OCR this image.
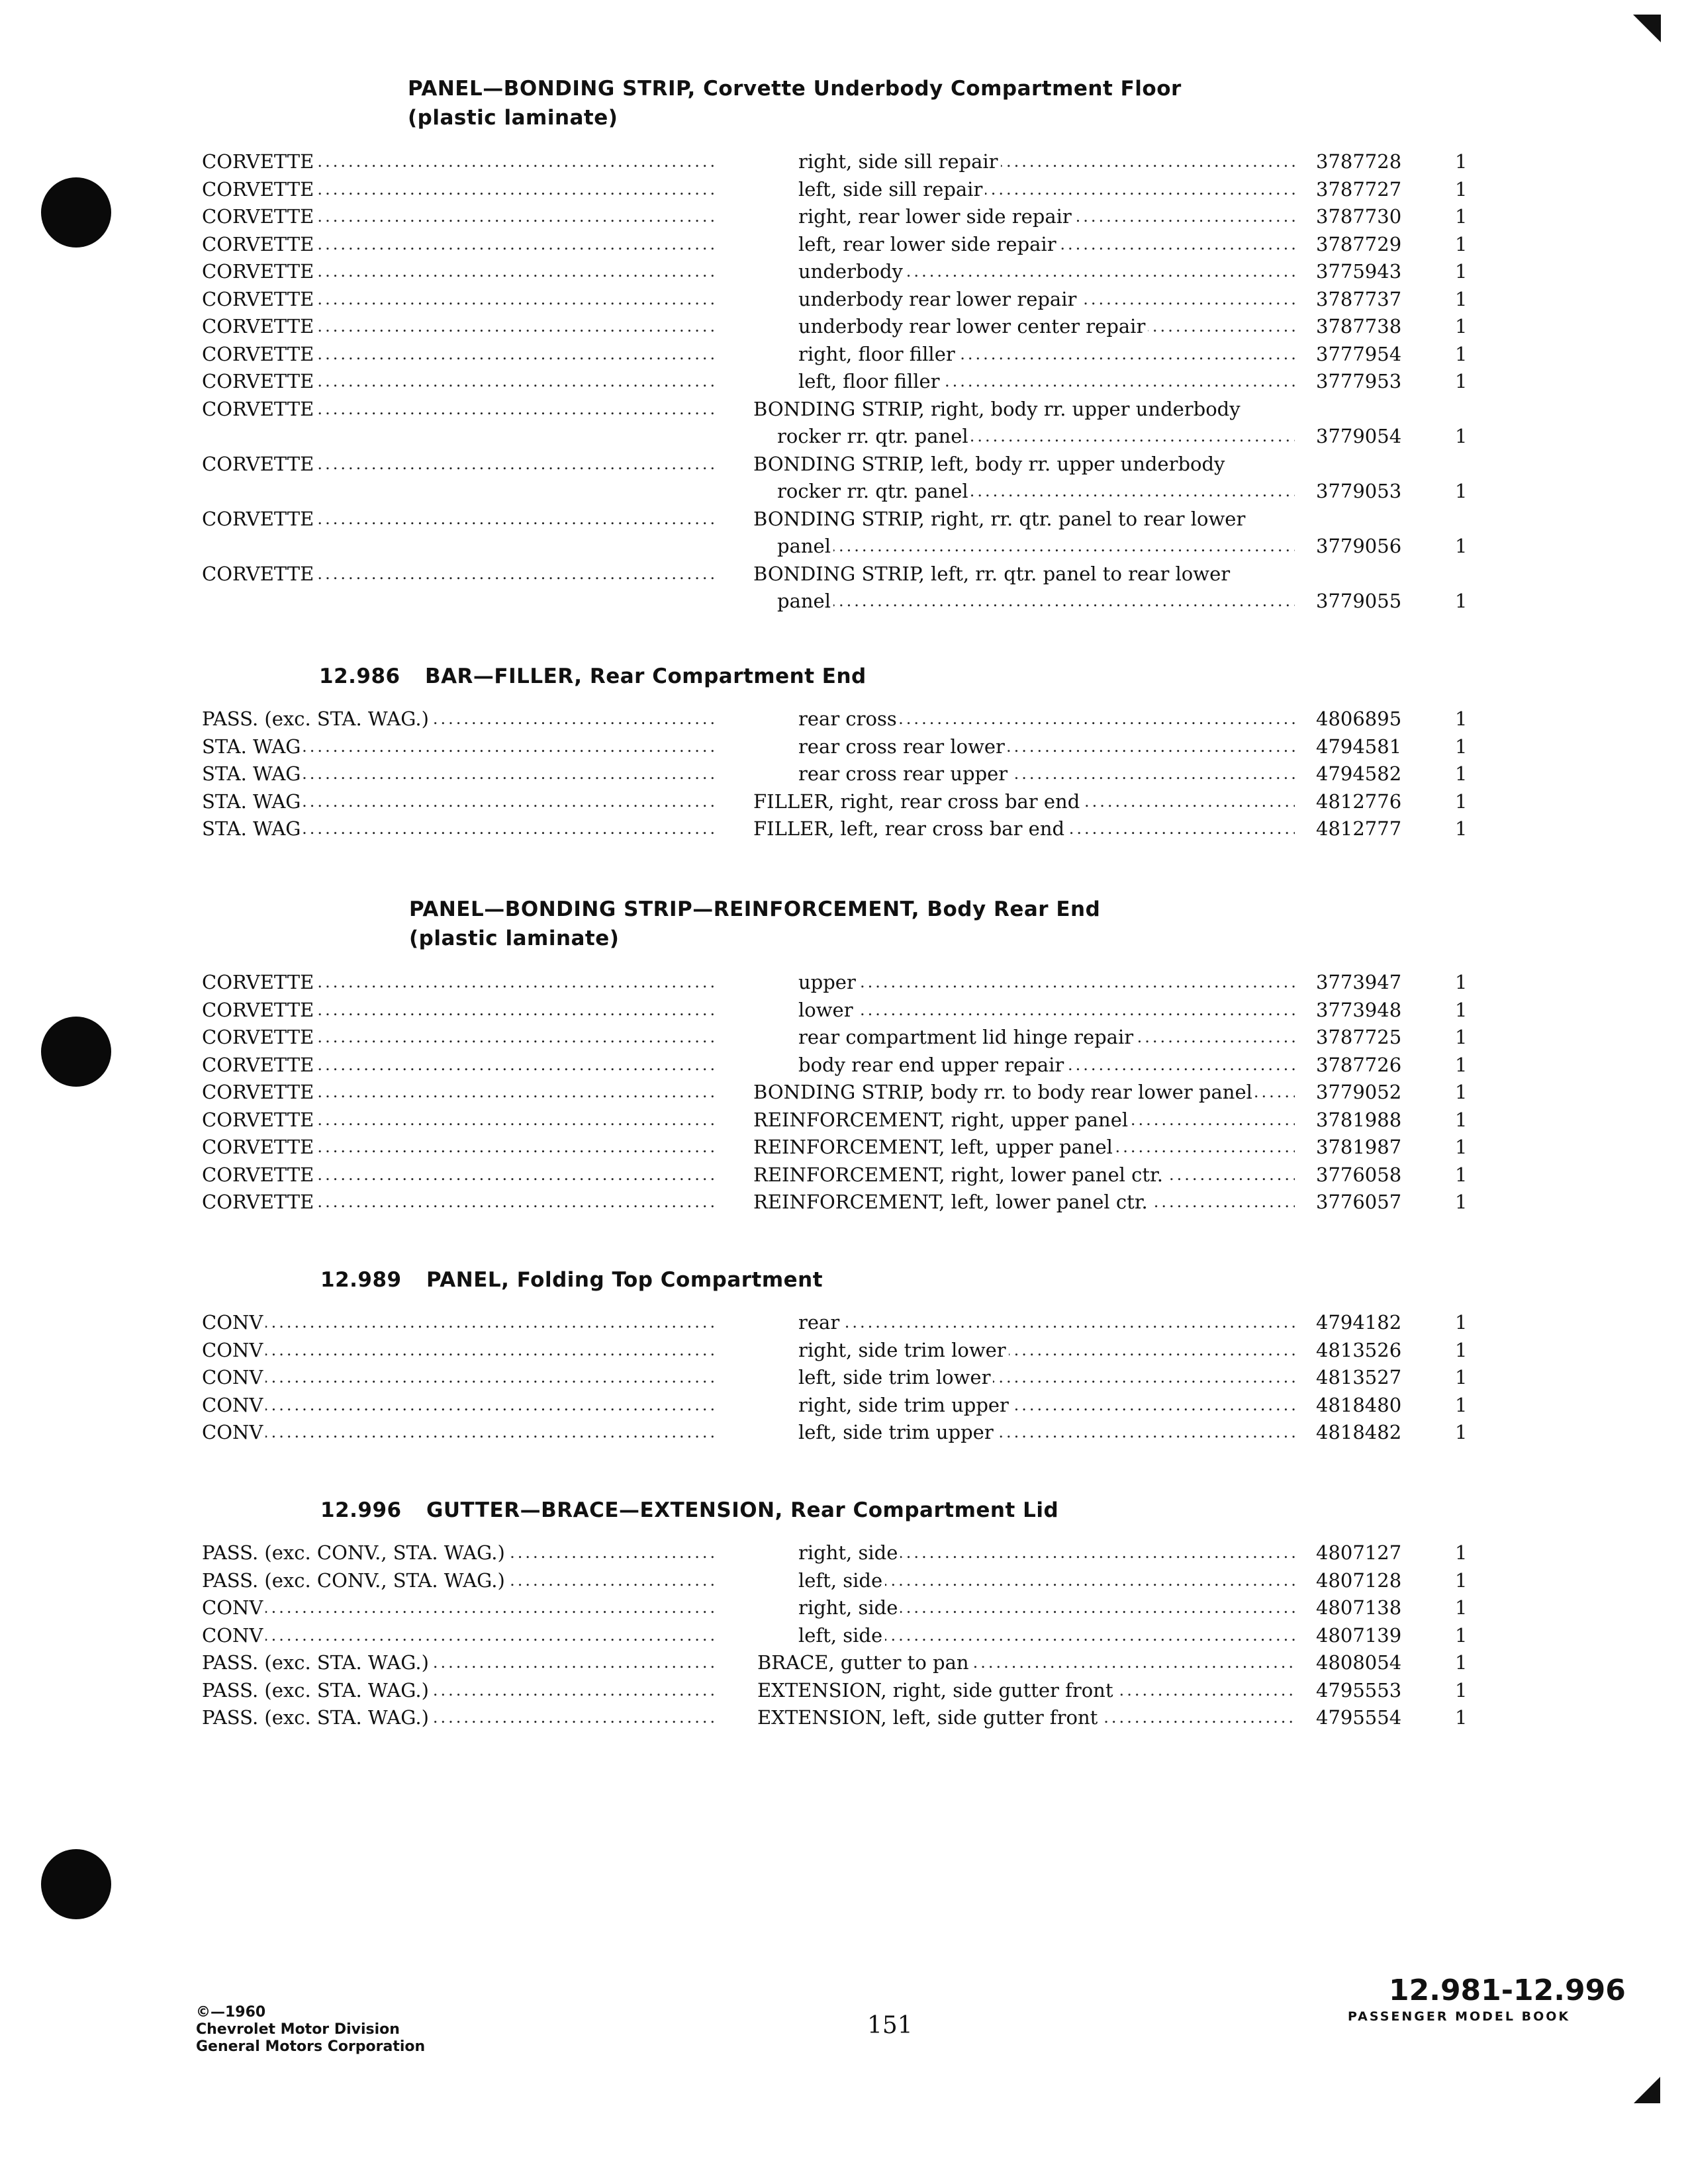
PANEL—BONDING STRIP, Corvette Underbody Compartment Floor
(plastic laminate)
CORVETTE .....	right, side sill repair .....	3787728	1
CORVETTE .....	left, side sill repair .....	3787727	1
CORVETTE .....	right, rear lower side repair .....	3787730	1
CORVETTE .....	left, rear lower side repair .....	3787729	1
CORVETTE .....	underbody .....	3775943	1
CORVETTE .....	underbody rear lower repair .....	3787737	1
CORVETTE .....	underbody rear lower center repair .....	3787738	1
CORVETTE .....	right, floor filler .....	3777954	1
CORVETTE .....	left, floor filler .....	3777953	1
CORVETTE .....	BONDING STRIP, right, body rr. upper underbody
rocker rr. qtr. panel .....	3779054	1
CORVETTE .....	BONDING STRIP, left, body rr. upper underbody
rocker rr. qtr. panel .....	3779053	1
CORVETTE .....	BONDING STRIP, right, rr. qtr. panel to rear lower
panel .....	3779056	1
CORVETTE .....	BONDING STRIP, left, rr. qtr. panel to rear lower
panel .....	3779055	1
12.986 BAR—FILLER, Rear Compartment End
PASS. (exc. STA. WAG.) .....	rear cross .....	4806895	1
STA. WAG .....	rear cross rear lower .....	4794581	1
STA. WAG .....	rear cross rear upper .....	4794582	1
STA. WAG .....	FILLER, right, rear cross bar end .....	4812776	1
STA. WAG .....	FILLER, left, rear cross bar end .....	4812777	1
PANEL—BONDING STRIP—REINFORCEMENT, Body Rear End
(plastic laminate)
CORVETTE .....	upper .....	3773947	1
CORVETTE .....	lower .....	3773948	1
CORVETTE .....	rear compartment lid hinge repair .....	3787725	1
CORVETTE .....	body rear end upper repair .....	3787726	1
CORVETTE .....	BONDING STRIP, body rr. to body rear lower panel .....	3779052	1
CORVETTE .....	REINFORCEMENT, right, upper panel .....	3781988	1
CORVETTE .....	REINFORCEMENT, left, upper panel .....	3781987	1
CORVETTE .....	REINFORCEMENT, right, lower panel ctr. .....	3776058	1
CORVETTE .....	REINFORCEMENT, left, lower panel ctr. .....	3776057	1
12.989 PANEL, Folding Top Compartment
CONV .....	rear .....	4794182	1
CONV .....	right, side trim lower .....	4813526	1
CONV .....	left, side trim lower .....	4813527	1
CONV .....	right, side trim upper .....	4818480	1
CONV .....	left, side trim upper .....	4818482	1
12.996 GUTTER—BRACE—EXTENSION, Rear Compartment Lid
PASS. (exc. CONV., STA. WAG.) .....	right, side .....	4807127	1
PASS. (exc. CONV., STA. WAG.) .....	left, side .....	4807128	1
CONV .....	right, side .....	4807138	1
CONV .....	left, side .....	4807139	1
PASS. (exc. STA. WAG.) .....	BRACE, gutter to pan .....	4808054	1
PASS. (exc. STA. WAG.) .....	EXTENSION, right, side gutter front .....	4795553	1
PASS. (exc. STA. WAG.) .....	EXTENSION, left, side gutter front .....	4795554	1
©—1960
Chevrolet Motor Division
General Motors Corporation
151
12.981-12.996
PASSENGER MODEL BOOK
